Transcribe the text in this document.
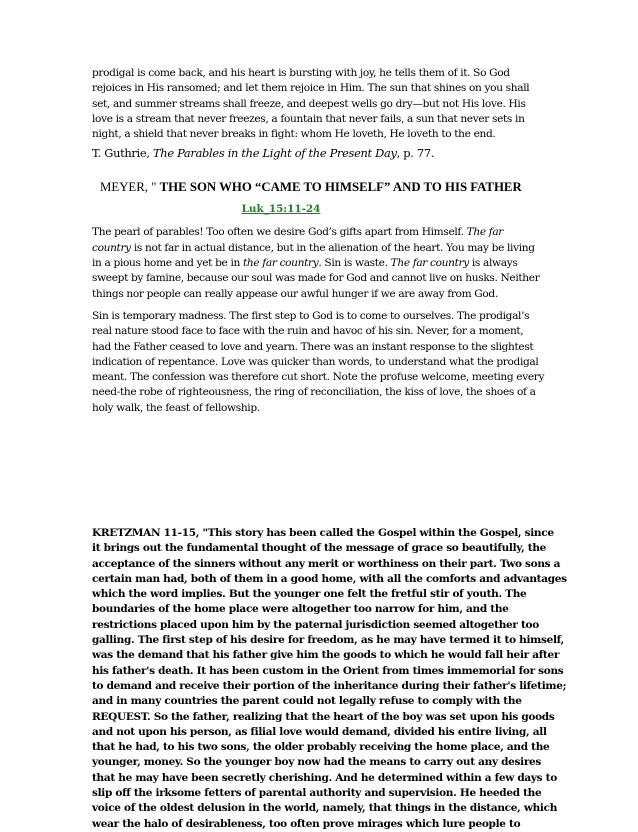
prodigal is come back, and his heart is bursting with joy, he tells them of it. So God
rejoices in His ransomed; and let them rejoice in Him. The sun that shines on you shall
set, and summer streams shall freeze, and deepest wells go dry—but not His love. His
love is a stream that never freezes, a fountain that never fails, a sun that never sets in
night, a shield that never breaks in fight: whom He loveth, He loveth to the end.

T. Guthrie, The Parables in the Light of the Present Day, p. 77.

MEYER, " THE SON WHO “CAME TO HIMSELF” AND TO HIS FATHER
Luk_15:11-24

The pearl of parables! Too often we desire God’s gifts apart from Himself. The far
country is not far in actual distance, but in the alienation of the heart. You may be living
in a pious home and yet be in the far country. Sin is waste. The far country is always
sweept by famine, because our soul was made for God and cannot live on husks. Neither
things nor people can really appease our awful hunger if we are away from God.

Sin is temporary madness. The first step to God is to come to ourselves. The prodigal’s
real nature stood face to face with the ruin and havoc of his sin. Never, for a moment,
had the Father ceased to love and yearn. There was an instant response to the slightest
indication of repentance. Love was quicker than words, to understand what the prodigal
meant. The confession was therefore cut short. Note the profuse welcome, meeting every
need-the robe of righteousness, the ring of reconciliation, the kiss of love, the shoes of a
holy walk, the feast of fellowship.

KRETZMAN 11-15, "This story has been called the Gospel within the Gospel, since
it brings out the fundamental thought of the message of grace so beautifully, the
acceptance of the sinners without any merit or worthiness on their part. Two sons a
certain man had, both of them in a good home, with all the comforts and advantages
which the word implies. But the younger one felt the fretful stir of youth. The
boundaries of the home place were altogether too narrow for him, and the
restrictions placed upon him by the paternal jurisdiction seemed altogether too
galling. The first step of his desire for freedom, as he may have termed it to himself,
was the demand that his father give him the goods to which he would fall heir after
his father's death. It has been custom in the Orient from times immemorial for sons
to demand and receive their portion of the inheritance during their father's lifetime;
and in many countries the parent could not legally refuse to comply with the
REQUEST. So the father, realizing that the heart of the boy was set upon his goods
and not upon his person, as filial love would demand, divided his entire living, all
that he had, to his two sons, the older probably receiving the home place, and the
younger, money. So the younger boy now had the means to carry out any desires
that he may have been secretly cherishing. And he determined within a few days to
slip off the irksome fetters of parental authority and supervision. He heeded the
voice of the oldest delusion in the world, namely, that things in the distance, which
wear the halo of desirableness, too often prove mirages which lure people to
